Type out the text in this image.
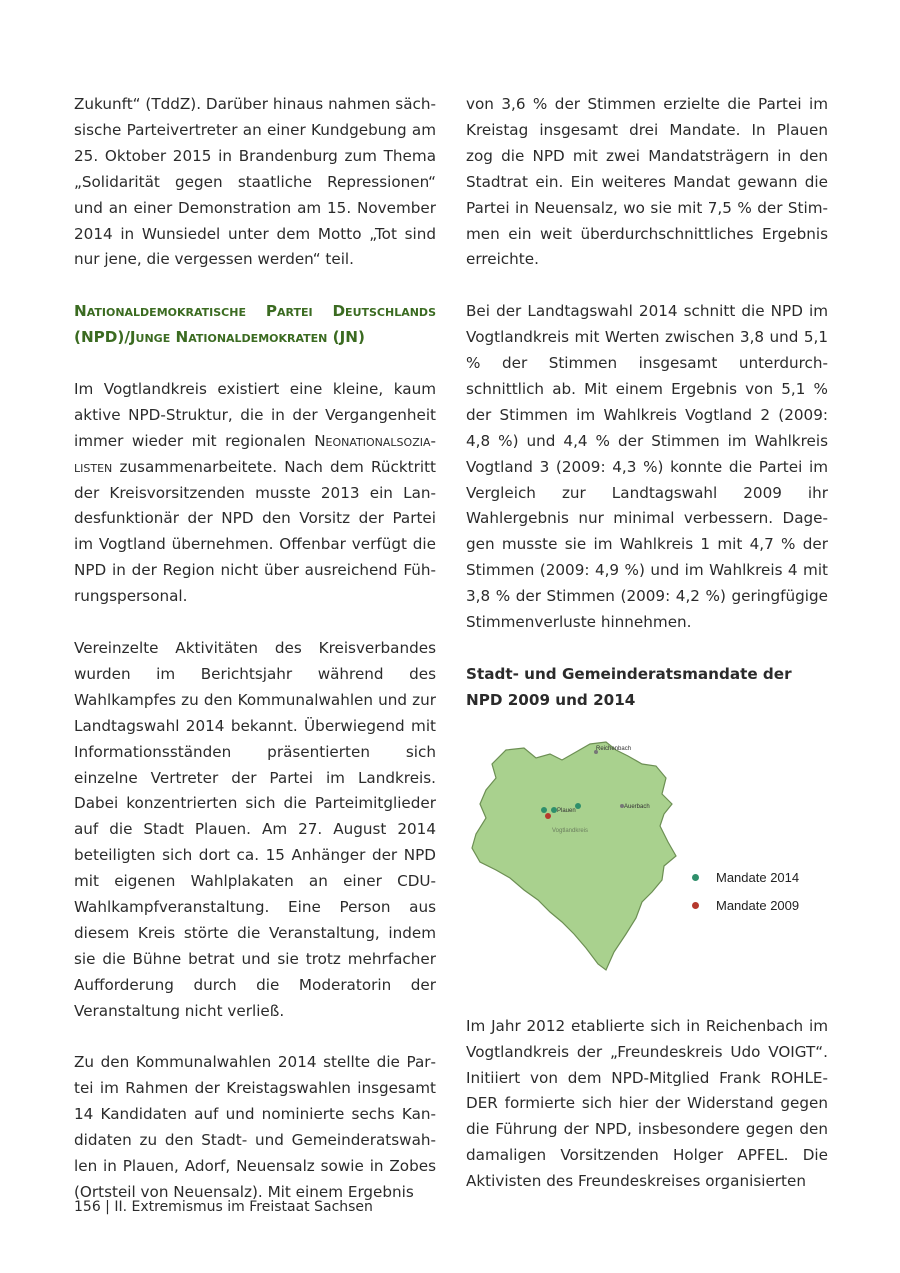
Zukunft“ (TddZ). Darüber hinaus nahmen sächsische Parteivertreter an einer Kundgebung am 25. Oktober 2015 in Brandenburg zum Thema „Solidarität gegen staatliche Repressionen“ und an einer Demonstration am 15. November 2014 in Wunsiedel unter dem Motto „Tot sind nur jene, die vergessen werden“ teil.

Nationaldemokratische Partei Deutschlands
(NPD)/Junge Nationaldemokraten (JN)

Im Vogtlandkreis existiert eine kleine, kaum aktive NPD-Struktur, die in der Vergangenheit immer wieder mit regionalen Neonationalsozialisten zusammenarbeitete. Nach dem Rücktritt der Kreisvorsitzenden musste 2013 ein Landesfunktionär der NPD den Vorsitz der Partei im Vogtland übernehmen. Offenbar verfügt die NPD in der Region nicht über ausreichend Führungspersonal.

Vereinzelte Aktivitäten des Kreisverbandes wurden im Berichtsjahr während des Wahlkampfes zu den Kommunalwahlen und zur Landtagswahl 2014 bekannt. Überwiegend mit Informationsständen präsentierten sich einzelne Vertreter der Partei im Landkreis. Dabei konzentrierten sich die Parteimitglieder auf die Stadt Plauen. Am 27. August 2014 beteiligten sich dort ca. 15 Anhänger der NPD mit eigenen Wahlplakaten an einer CDU-Wahlkampfveranstaltung. Eine Person aus diesem Kreis störte die Veranstaltung, indem sie die Bühne betrat und sie trotz mehrfacher Aufforderung durch die Moderatorin der Veranstaltung nicht verließ.

Zu den Kommunalwahlen 2014 stellte die Partei im Rahmen der Kreistagswahlen insgesamt 14 Kandidaten auf und nominierte sechs Kandidaten zu den Stadt- und Gemeinderatswahlen in Plauen, Adorf, Neuensalz sowie in Zobes (Ortsteil von Neuensalz). Mit einem Ergebnis

von 3,6 % der Stimmen erzielte die Partei im Kreistag insgesamt drei Mandate. In Plauen zog die NPD mit zwei Mandatsträgern in den Stadtrat ein. Ein weiteres Mandat gewann die Partei in Neuensalz, wo sie mit 7,5 % der Stimmen ein weit überdurchschnittliches Ergebnis erreichte.

Bei der Landtagswahl 2014 schnitt die NPD im Vogtlandkreis mit Werten zwischen 3,8 und 5,1 % der Stimmen insgesamt unterdurchschnittlich ab. Mit einem Ergebnis von 5,1 % der Stimmen im Wahlkreis Vogtland 2 (2009: 4,8 %) und 4,4 % der Stimmen im Wahlkreis Vogtland 3 (2009: 4,3 %) konnte die Partei im Vergleich zur Landtagswahl 2009 ihr Wahlergebnis nur minimal verbessern. Dagegen musste sie im Wahlkreis 1 mit 4,7 % der Stimmen (2009: 4,9 %) und im Wahlkreis 4 mit 3,8 % der Stimmen (2009: 4,2 %) geringfügige Stimmenverluste hinnehmen.

Stadt- und Gemeinderatsmandate der NPD 2009 und 2014
Reichenbach
Plauen
Auerbach
Vogtlandkreis
Mandate 2014
Mandate 2009

Im Jahr 2012 etablierte sich in Reichenbach im Vogtlandkreis der „Freundeskreis Udo VOIGT“. Initiiert von dem NPD-Mitglied Frank ROHLEDER formierte sich hier der Widerstand gegen die Führung der NPD, insbesondere gegen den damaligen Vorsitzenden Holger APFEL. Die Aktivisten des Freundeskreises organisierten

156 | II. Extremismus im Freistaat Sachsen
